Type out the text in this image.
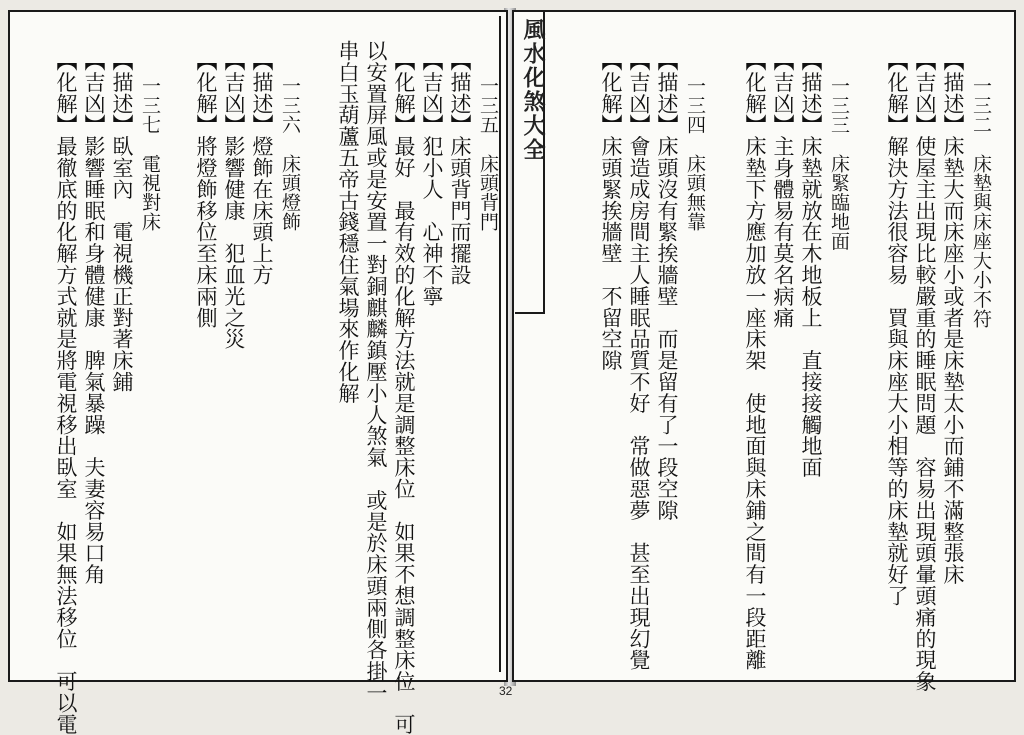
一三五　床頭背門
【描述】床頭背門而擺設
【吉凶】犯小人　心神不寧
【化解】最好　最有效的化解方法就是調整床位　如果不想調整床位　可
以安置屏風或是安置一對銅麒麟鎮壓小人煞氣　或是於床頭兩側各掛一
串白玉葫蘆五帝古錢穩住氣場來作化解
一三六　床頭燈飾
【描述】燈飾在床頭上方
【吉凶】影響健康　犯血光之災
【化解】將燈飾移位至床兩側
一三七　電視對床
【描述】臥室內　電視機正對著床鋪
【吉凶】影響睡眠和身體健康　脾氣暴躁　夫妻容易口角
【化解】最徹底的化解方式就是將電視移出臥室　如果無法移位　可以電	風水化煞大全	一三二　床墊與床座大小不符
【描述】床墊大而床座小或者是床墊太小而鋪不滿整張床
【吉凶】使屋主出現比較嚴重的睡眠問題　容易出現頭暈頭痛的現象
【化解】解決方法很容易　買與床座大小相等的床墊就好了
一三三　床緊臨地面
【描述】床墊就放在木地板上　直接接觸地面
【吉凶】主身體易有莫名病痛
【化解】床墊下方應加放一座床架　使地面與床鋪之間有一段距離
一三四　床頭無靠
【描述】床頭沒有緊挨牆壁　而是留有了一段空隙
【吉凶】會造成房間主人睡眠品質不好　常做惡夢　甚至出現幻覺
【化解】床頭緊挨牆壁　不留空隙
32
